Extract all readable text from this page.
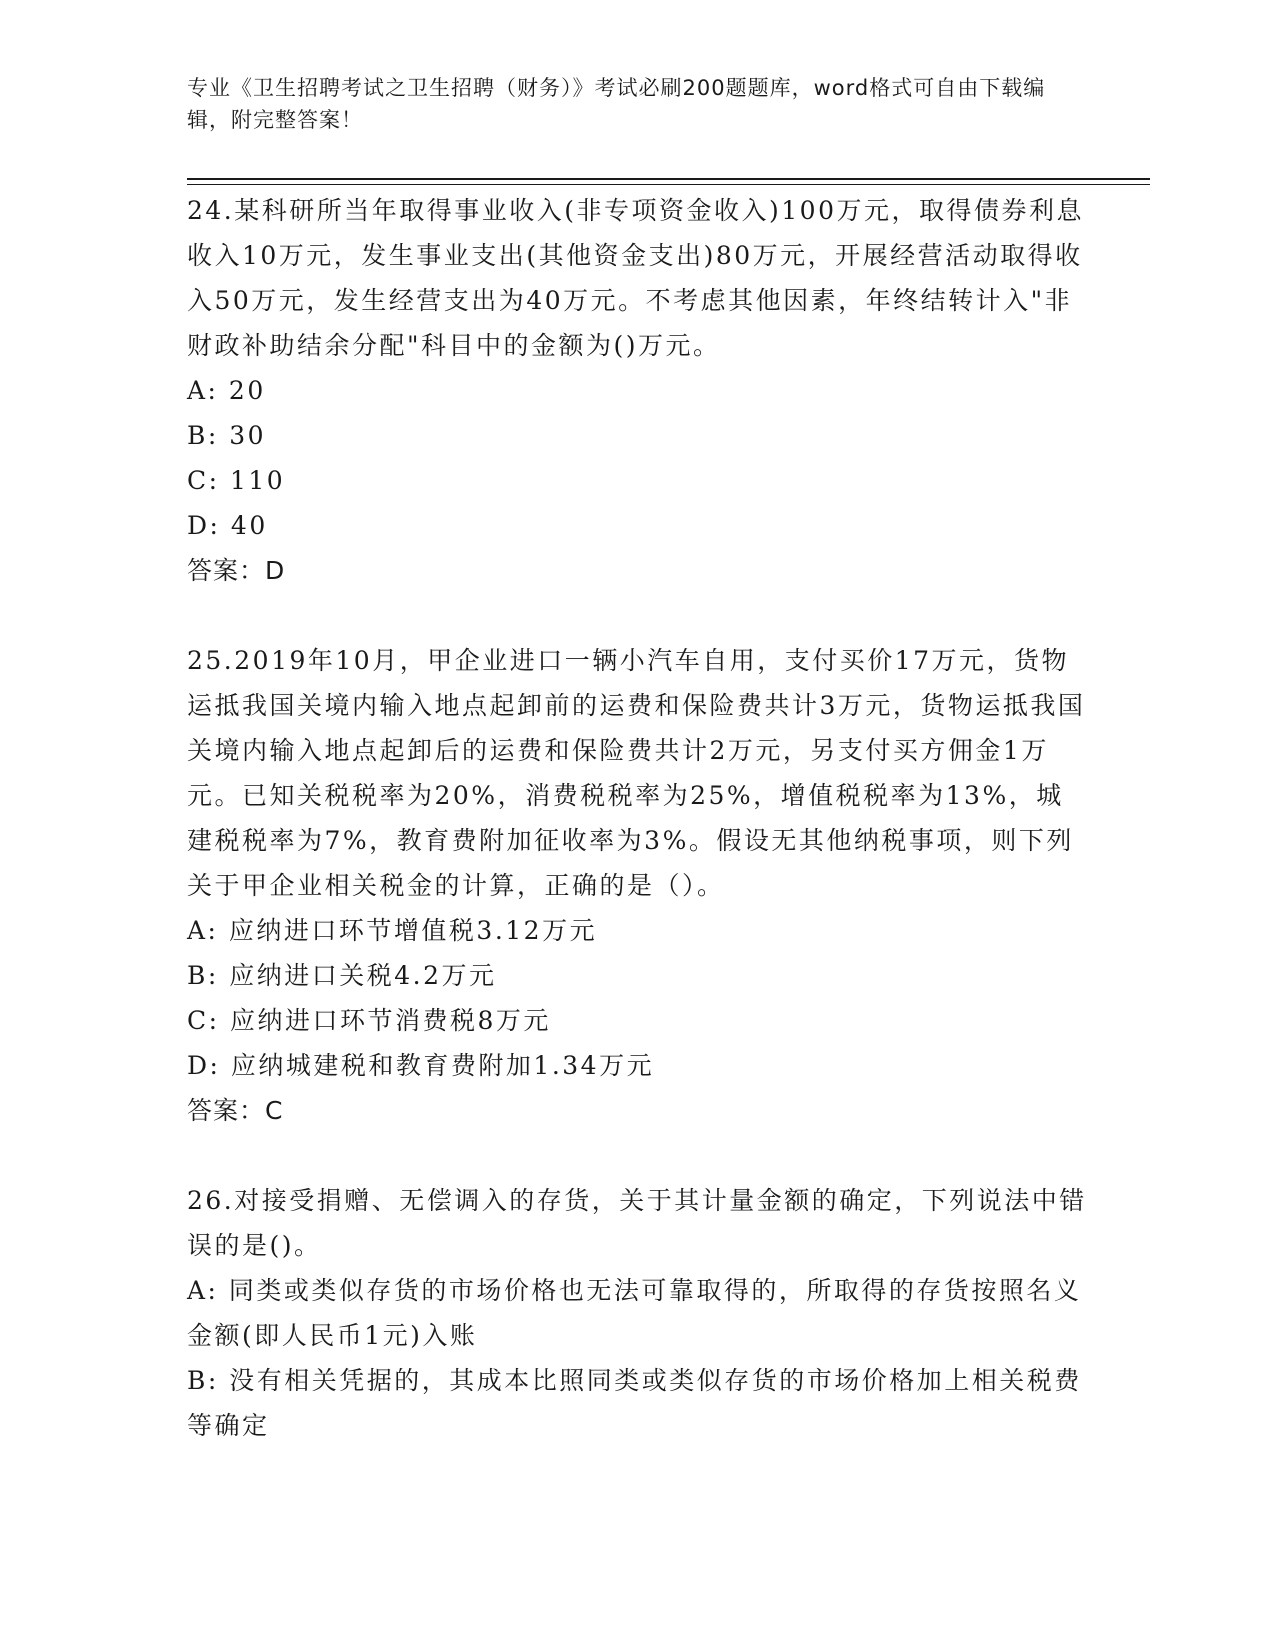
专业《卫生招聘考试之卫生招聘（财务）》考试必刷200题题库，word格式可自由下载编辑，附完整答案！

24.某科研所当年取得事业收入(非专项资金收入)100万元，取得债券利息收入10万元，发生事业支出(其他资金支出)80万元，开展经营活动取得收入50万元，发生经营支出为40万元。不考虑其他因素，年终结转计入"非财政补助结余分配"科目中的金额为()万元。

A: 20

B: 30

C: 110

D: 40

答案：D

25.2019年10月，甲企业进口一辆小汽车自用，支付买价17万元，货物运抵我国关境内输入地点起卸前的运费和保险费共计3万元，货物运抵我国关境内输入地点起卸后的运费和保险费共计2万元，另支付买方佣金1万元。已知关税税率为20%，消费税税率为25%，增值税税率为13%，城建税税率为7%，教育费附加征收率为3%。假设无其他纳税事项，则下列关于甲企业相关税金的计算，正确的是（）。

A: 应纳进口环节增值税3.12万元

B: 应纳进口关税4.2万元

C: 应纳进口环节消费税8万元

D: 应纳城建税和教育费附加1.34万元

答案：C

26.对接受捐赠、无偿调入的存货，关于其计量金额的确定，下列说法中错误的是()。

A: 同类或类似存货的市场价格也无法可靠取得的，所取得的存货按照名义金额(即人民币1元)入账

B: 没有相关凭据的，其成本比照同类或类似存货的市场价格加上相关税费等确定
